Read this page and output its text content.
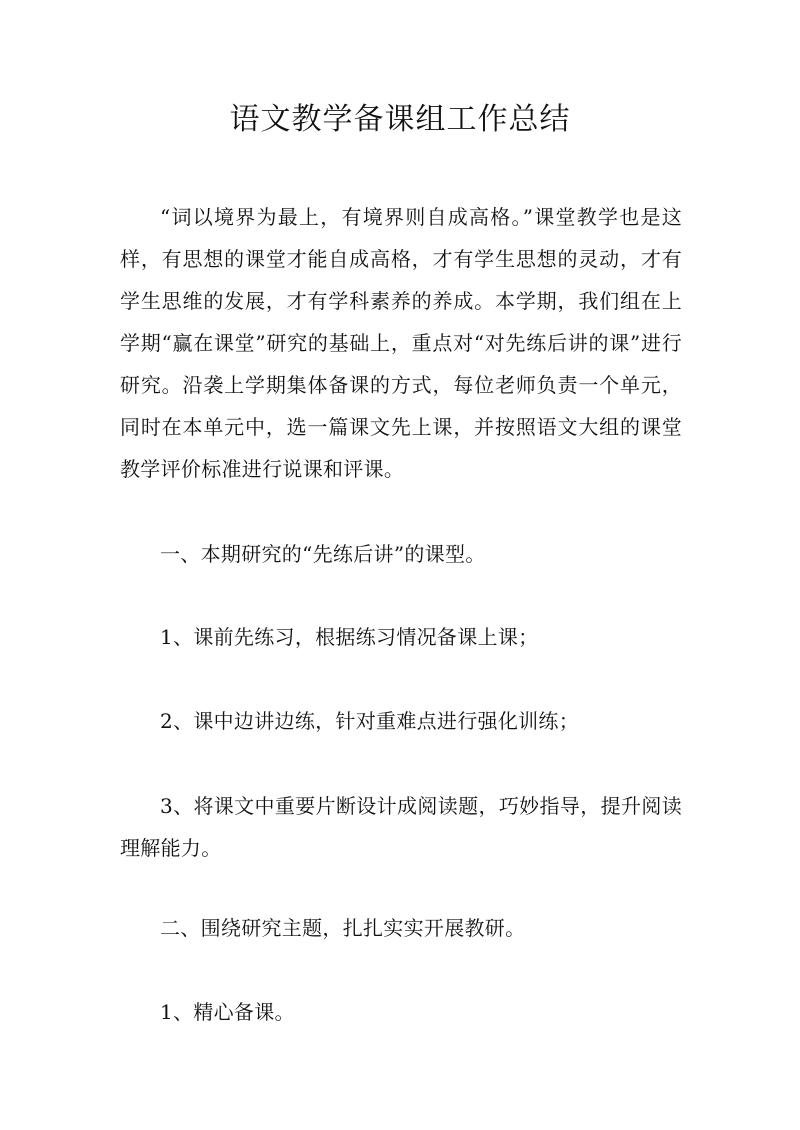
语文教学备课组工作总结

“词以境界为最上，有境界则自成高格。”课堂教学也是这样，有思想的课堂才能自成高格，才有学生思想的灵动，才有学生思维的发展，才有学科素养的养成。本学期，我们组在上学期“赢在课堂”研究的基础上，重点对“对先练后讲的课”进行研究。沿袭上学期集体备课的方式，每位老师负责一个单元，同时在本单元中，选一篇课文先上课，并按照语文大组的课堂教学评价标准进行说课和评课。

一、本期研究的“先练后讲”的课型。

1、课前先练习，根据练习情况备课上课；

2、课中边讲边练，针对重难点进行强化训练；

3、将课文中重要片断设计成阅读题，巧妙指导，提升阅读理解能力。

二、围绕研究主题，扎扎实实开展教研。

1、精心备课。
